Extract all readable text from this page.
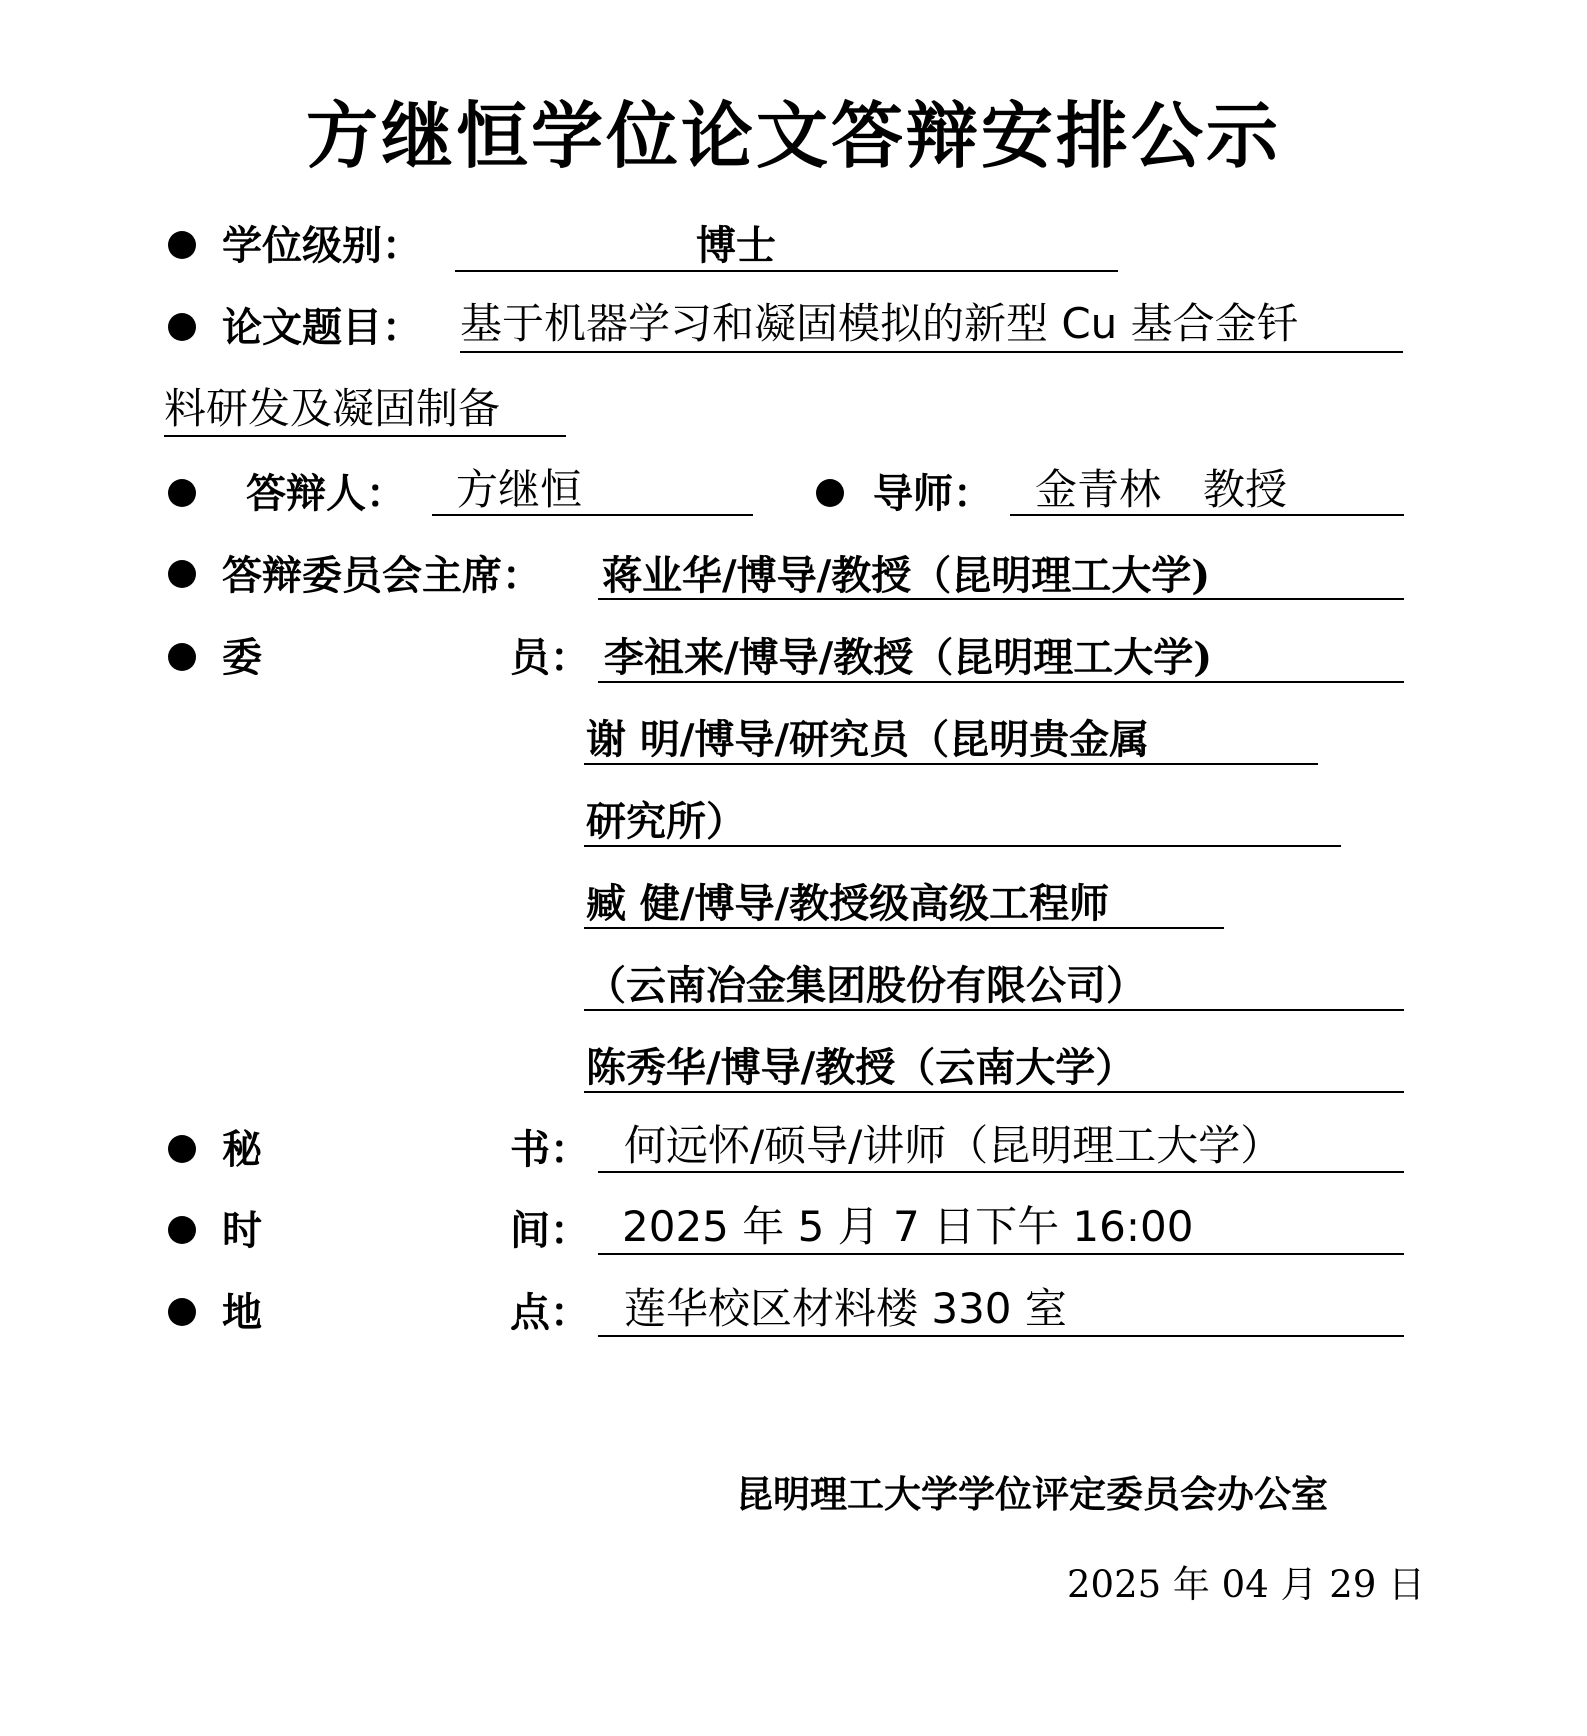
方继恒学位论文答辩安排公示
学位级别：	博士
论文题目： 基于机器学习和凝固模拟的新型 Cu 基合金钎
料研发及凝固制备
答辩人： 方继恒	导师： 金青林　教授
答辩委员会主席： 蒋业华/博导/教授（昆明理工大学)
委	员： 李祖来/博导/教授（昆明理工大学)
谢 明/博导/研究员（昆明贵金属
研究所）
臧 健/博导/教授级高级工程师
（云南冶金集团股份有限公司）
陈秀华/博导/教授（云南大学）
秘	书： 何远怀/硕导/讲师（昆明理工大学）
时	间： 2025 年 5 月 7 日下午 16:00
地	点： 莲华校区材料楼 330 室
昆明理工大学学位评定委员会办公室
2025 年 04 月 29 日
